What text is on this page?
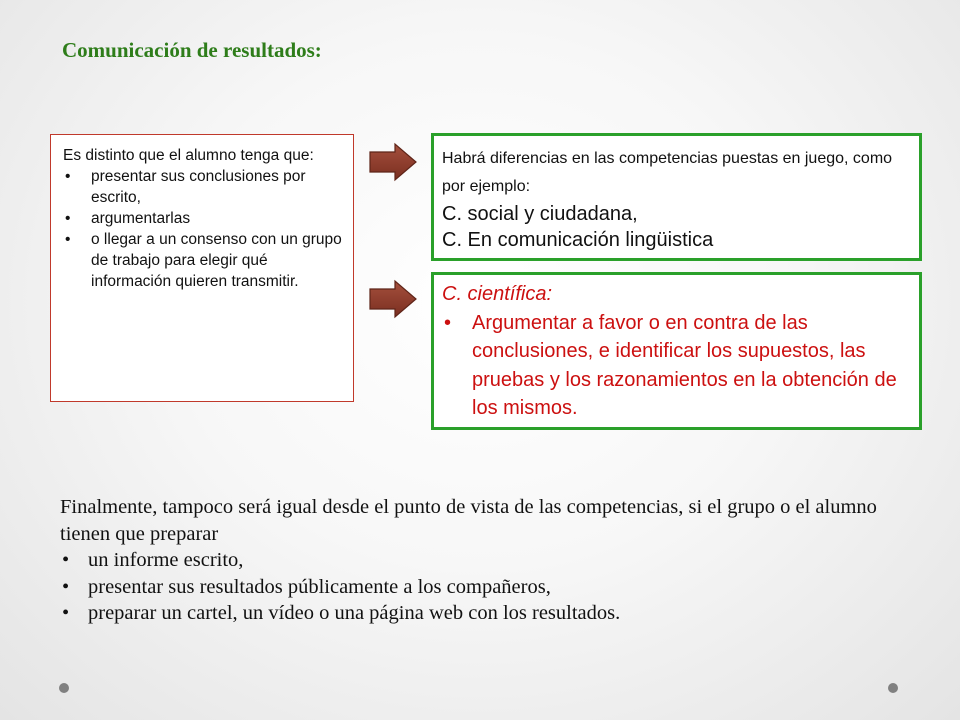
Comunicación de resultados:

Es distinto que el alumno tenga que:

• presentar sus conclusiones por escrito,
• argumentarlas
• o llegar a un consenso con un grupo de trabajo para elegir qué información quieren transmitir.

Habrá diferencias en las competencias puestas en juego, como por ejemplo:

C. social y ciudadana,

C. En comunicación lingüistica

C. científica:

• Argumentar a favor o en contra de las conclusiones, e identificar los supuestos, las pruebas y los razonamientos en la obtención de los mismos.

Finalmente, tampoco será igual desde el punto de vista de las competencias, si el grupo o el alumno tienen que preparar

• un informe escrito,
• presentar sus resultados públicamente a los compañeros,
• preparar un cartel, un vídeo o una página web con los resultados.
